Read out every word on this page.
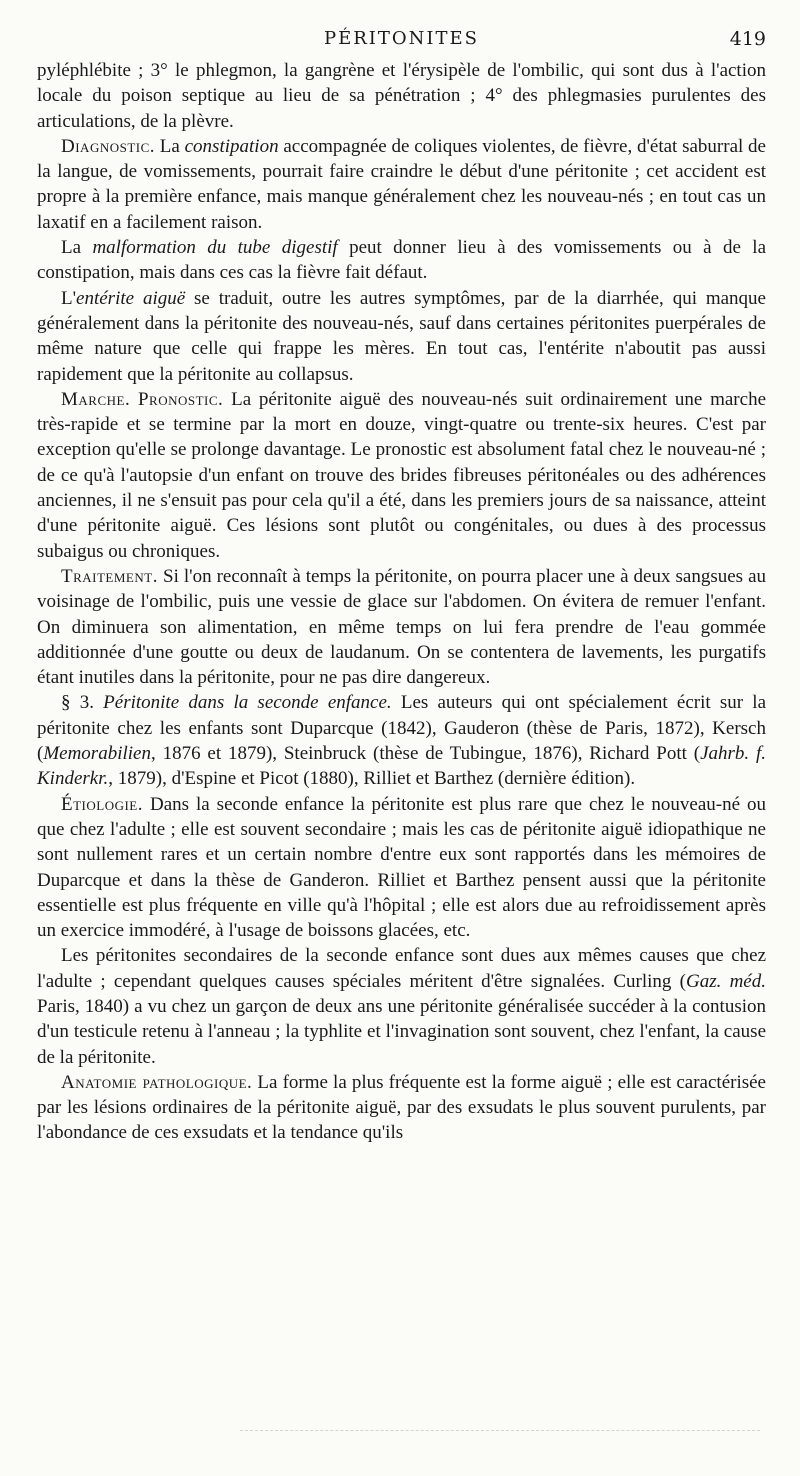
PÉRITONITES	419

pyléphlébite ; 3° le phlegmon, la gangrène et l'érysipèle de l'ombilic, qui sont dus à l'action locale du poison septique au lieu de sa pénétration ; 4° des phlegmasies purulentes des articulations, de la plèvre.

Diagnostic. La constipation accompagnée de coliques violentes, de fièvre, d'état saburral de la langue, de vomissements, pourrait faire craindre le début d'une péritonite ; cet accident est propre à la première enfance, mais manque généralement chez les nouveau-nés ; en tout cas un laxatif en a facilement raison.

La malformation du tube digestif peut donner lieu à des vomissements ou à de la constipation, mais dans ces cas la fièvre fait défaut.

L'entérite aiguë se traduit, outre les autres symptômes, par de la diarrhée, qui manque généralement dans la péritonite des nouveau-nés, sauf dans certaines péritonites puerpérales de même nature que celle qui frappe les mères. En tout cas, l'entérite n'aboutit pas aussi rapidement que la péritonite au collapsus.

Marche. Pronostic. La péritonite aiguë des nouveau-nés suit ordinairement une marche très-rapide et se termine par la mort en douze, vingt-quatre ou trente-six heures. C'est par exception qu'elle se prolonge davantage. Le pronostic est absolument fatal chez le nouveau-né ; de ce qu'à l'autopsie d'un enfant on trouve des brides fibreuses péritonéales ou des adhérences anciennes, il ne s'ensuit pas pour cela qu'il a été, dans les premiers jours de sa naissance, atteint d'une péritonite aiguë. Ces lésions sont plutôt ou congénitales, ou dues à des processus subaigus ou chroniques.

Traitement. Si l'on reconnaît à temps la péritonite, on pourra placer une à deux sangsues au voisinage de l'ombilic, puis une vessie de glace sur l'abdomen. On évitera de remuer l'enfant. On diminuera son alimentation, en même temps on lui fera prendre de l'eau gommée additionnée d'une goutte ou deux de laudanum. On se contentera de lavements, les purgatifs étant inutiles dans la péritonite, pour ne pas dire dangereux.

§ 3. Péritonite dans la seconde enfance. Les auteurs qui ont spécialement écrit sur la péritonite chez les enfants sont Duparcque (1842), Gauderon (thèse de Paris, 1872), Kersch (Memorabilien, 1876 et 1879), Steinbruck (thèse de Tubingue, 1876), Richard Pott (Jahrb. f. Kinderkr., 1879), d'Espine et Picot (1880), Rilliet et Barthez (dernière édition).

Étiologie. Dans la seconde enfance la péritonite est plus rare que chez le nouveau-né ou que chez l'adulte ; elle est souvent secondaire ; mais les cas de péritonite aiguë idiopathique ne sont nullement rares et un certain nombre d'entre eux sont rapportés dans les mémoires de Duparcque et dans la thèse de Ganderon. Rilliet et Barthez pensent aussi que la péritonite essentielle est plus fréquente en ville qu'à l'hôpital ; elle est alors due au refroidissement après un exercice immodéré, à l'usage de boissons glacées, etc.

Les péritonites secondaires de la seconde enfance sont dues aux mêmes causes que chez l'adulte ; cependant quelques causes spéciales méritent d'être signalées. Curling (Gaz. méd. Paris, 1840) a vu chez un garçon de deux ans une péritonite généralisée succéder à la contusion d'un testicule retenu à l'anneau ; la typhlite et l'invagination sont souvent, chez l'enfant, la cause de la péritonite.

Anatomie pathologique. La forme la plus fréquente est la forme aiguë ; elle est caractérisée par les lésions ordinaires de la péritonite aiguë, par des exsudats le plus souvent purulents, par l'abondance de ces exsudats et la tendance qu'ils
